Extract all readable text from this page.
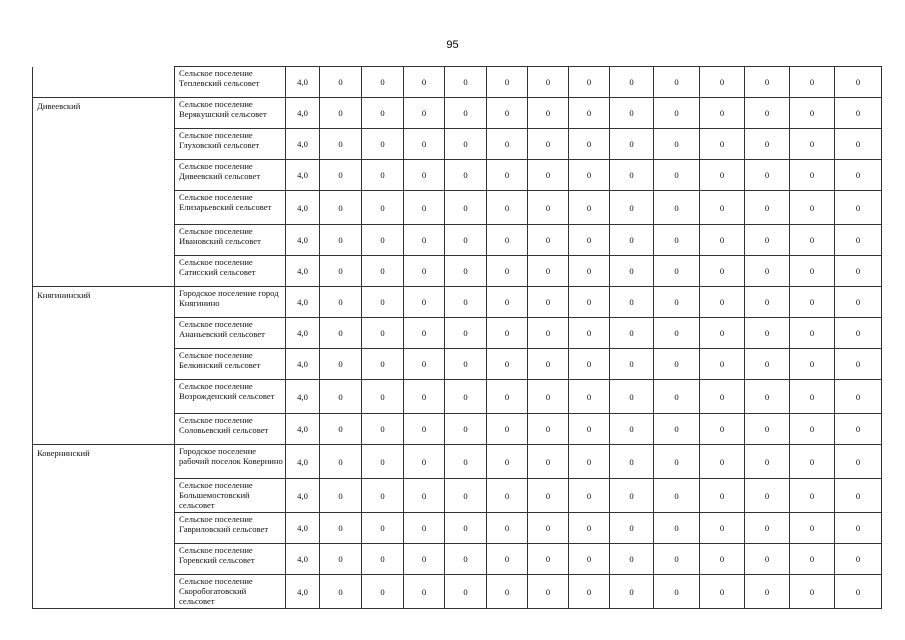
95
	Сельское поселение Теплевский сельсовет	4,0	0	0	0	0	0	0	0	0	0	0	0	0	0
Дивеевский	Сельское поселение Верякушский сельсовет	4,0	0	0	0	0	0	0	0	0	0	0	0	0	0
	Сельское поселение Глуховский сельсовет	4,0	0	0	0	0	0	0	0	0	0	0	0	0	0
	Сельское поселение Дивеевский сельсовет	4,0	0	0	0	0	0	0	0	0	0	0	0	0	0
	Сельское поселение Елизарьевский сельсовет	4,0	0	0	0	0	0	0	0	0	0	0	0	0	0
	Сельское поселение Ивановский сельсовет	4,0	0	0	0	0	0	0	0	0	0	0	0	0	0
	Сельское поселение Сатисский сельсовет	4,0	0	0	0	0	0	0	0	0	0	0	0	0	0
Княгининский	Городское поселение город Княгинино	4,0	0	0	0	0	0	0	0	0	0	0	0	0	0
	Сельское поселение Ананьевский сельсовет	4,0	0	0	0	0	0	0	0	0	0	0	0	0	0
	Сельское поселение Белкинский сельсовет	4,0	0	0	0	0	0	0	0	0	0	0	0	0	0
	Сельское поселение Возрожденский сельсовет	4,0	0	0	0	0	0	0	0	0	0	0	0	0	0
	Сельское поселение Соловьевский сельсовет	4,0	0	0	0	0	0	0	0	0	0	0	0	0	0
Ковернинский	Городское поселение рабочий поселок Ковернино	4,0	0	0	0	0	0	0	0	0	0	0	0	0	0
	Сельское поселение Большемостовский сельсовет	4,0	0	0	0	0	0	0	0	0	0	0	0	0	0
	Сельское поселение Гавриловский сельсовет	4,0	0	0	0	0	0	0	0	0	0	0	0	0	0
	Сельское поселение Горевский сельсовет	4,0	0	0	0	0	0	0	0	0	0	0	0	0	0
	Сельское поселение Скоробогатовский сельсовет	4,0	0	0	0	0	0	0	0	0	0	0	0	0	0
